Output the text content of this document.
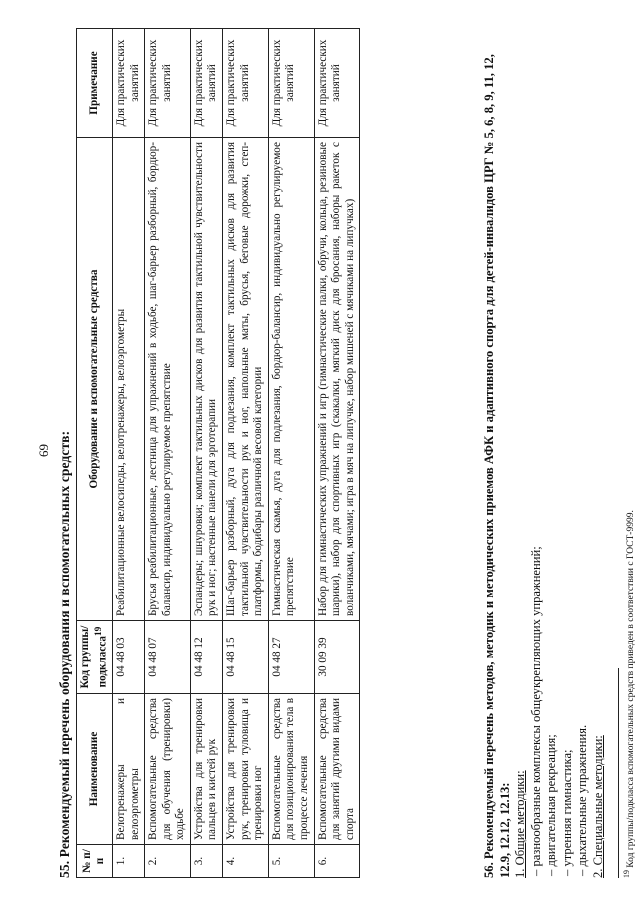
69 55. Рекомендуемый перечень оборудования и вспомогательных средств: № п/п	Наименование	Код группы/ подкласса$^{19}$	Оборудование и вспомогательные средства	Примечание
1.	Велотренажеры и велоэргометры	04 48 03	Реабилитационные велосипеды, велотренажеры, велоэргометры	Для практических занятий
2.	Вспомогательные средства для обучения (тренировки) ходьбе	04 48 07	Брусья реабилитационные, лестница для упражнений в ходьбе, шаг-барьер разборный, бордюр-балансир, индивидуально регулируемое препятствие	Для практических занятий
3.	Устройства для тренировки пальцев и кистей рук	04 48 12	Эспандеры; шнуровки; комплект тактильных дисков для развития тактильной чувствительности рук и ног; настенные панели для эрготерапии	Для практических занятий
4.	Устройства для тренировки рук, тренировки туловища и тренировки ног	04 48 15	Шаг-барьер разборный, дуга для подлезания, комплект тактильных дисков для развития тактильной чувствительности рук и ног, напольные маты, брусья, беговые дорожки, степ-платформы, бодибары различной весовой категории	Для практических занятий
5.	Вспомогательные средства для позиционирования тела в процессе лечения	04 48 27	Гимнастическая скамья, дуга для подлезания, бордюр-балансир, индивидуально регулируемое препятствие	Для практических занятий
6.	Вспомогательные средства для занятий другими видами спорта	30 09 39	Набор для гимнастических упражнений и игр (гимнастические палки, обручи, кольца, резиновые шарики), набор для спортивных игр (скакалки, мягкий диск для бросания, наборы ракеток с воланчиками, мячами; игра в мяч на липучке, набор мишеней с мячиками на липучках)	Для практических занятий	56. Рекомендуемый перечень методов, методик и методических приемов АФК и адаптивного спорта для детей-инвалидов ЦРГ № 5, 6, 8, 9, 11, 12, 12.9, 12.12, 12.13: 1. Общие методики: – разнообразные комплексы общеукрепляющих упражнений; – двигательная рекреация; – утренняя гимнастика; – дыхательные упражнения. 2. Специальные методики: $^{19}$ Код группы/подкласса вспомогательных средств приведен в соответствии с ГОСТ-9999.
